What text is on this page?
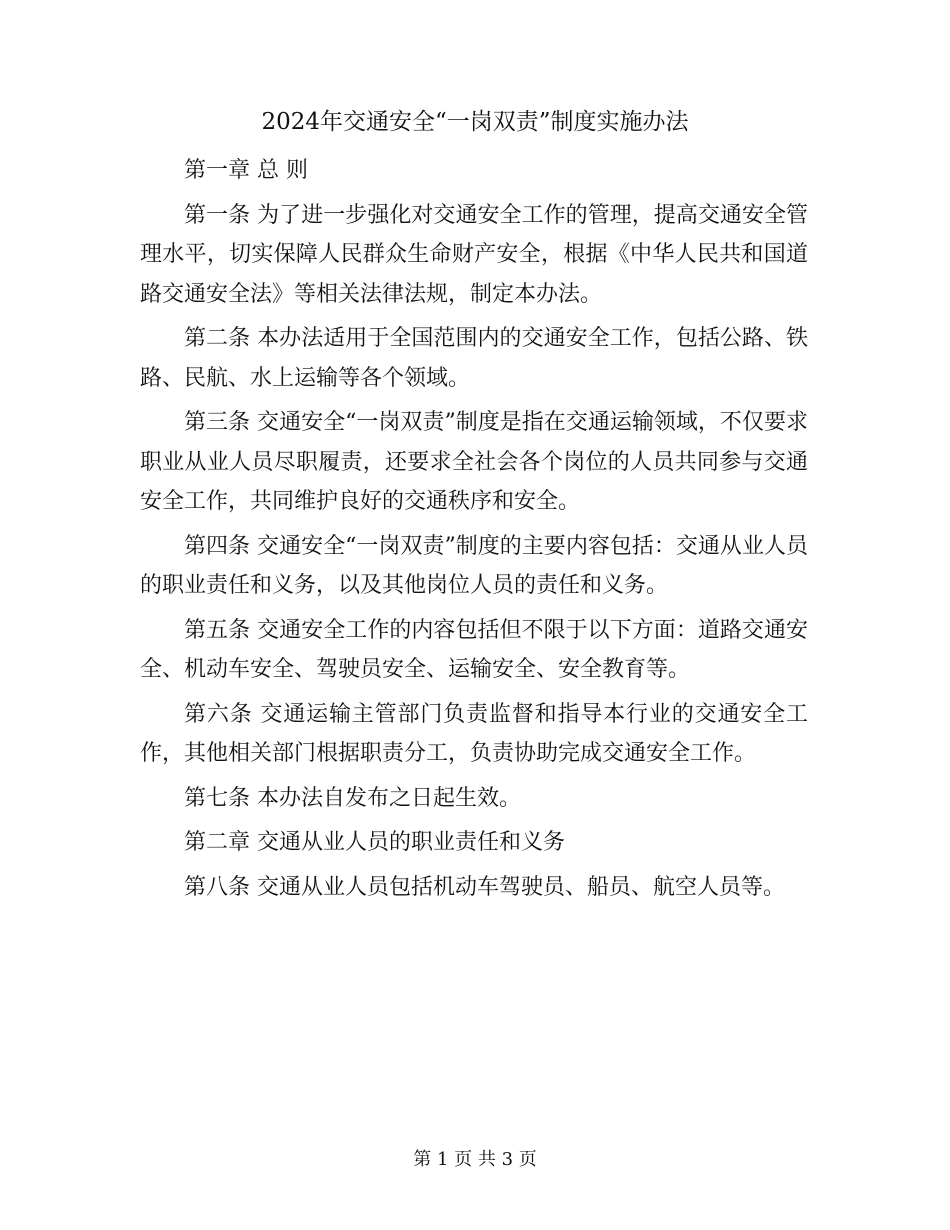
2024年交通安全“一岗双责”制度实施办法

第一章 总 则

第一条 为了进一步强化对交通安全工作的管理，提高交通安全管理水平，切实保障人民群众生命财产安全，根据《中华人民共和国道路交通安全法》等相关法律法规，制定本办法。

第二条 本办法适用于全国范围内的交通安全工作，包括公路、铁路、民航、水上运输等各个领域。

第三条 交通安全“一岗双责”制度是指在交通运输领域，不仅要求职业从业人员尽职履责，还要求全社会各个岗位的人员共同参与交通安全工作，共同维护良好的交通秩序和安全。

第四条 交通安全“一岗双责”制度的主要内容包括：交通从业人员的职业责任和义务，以及其他岗位人员的责任和义务。

第五条 交通安全工作的内容包括但不限于以下方面：道路交通安全、机动车安全、驾驶员安全、运输安全、安全教育等。

第六条 交通运输主管部门负责监督和指导本行业的交通安全工作，其他相关部门根据职责分工，负责协助完成交通安全工作。

第七条 本办法自发布之日起生效。

第二章 交通从业人员的职业责任和义务

第八条 交通从业人员包括机动车驾驶员、船员、航空人员等。

第 1 页 共 3 页
